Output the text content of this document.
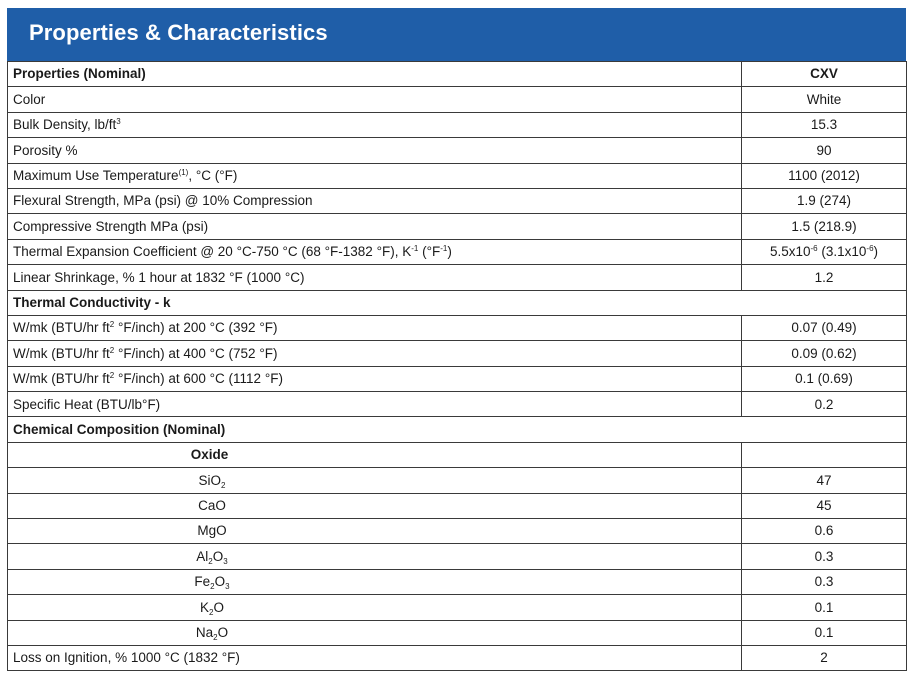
Properties & Characteristics
Properties (Nominal)	CXV
Color	White
Bulk Density, $lb/ft^3$	15.3
Porosity %	90
Maximum Use Temperature$^{(1)}$, °C (°F)	1100 (2012)
Flexural Strength, MPa (psi) @ 10% Compression	1.9 (274)
Compressive Strength MPa (psi)	1.5 (218.9)
Thermal Expansion Coefficient @ 20 °C-750 °C (68 °F-1382 °F), $K^{-1}$ $(^\circ F^{-1})$	$5.5x10^{-6}$ $(3.1x10^{-6})$
Linear Shrinkage, % 1 hour at 1832 °F (1000 °C)	1.2
Thermal Conductivity - k	
W/mk (BTU/hr $ft^2$ °F/inch) at 200 °C (392 °F)	0.07 (0.49)
W/mk (BTU/hr $ft^2$ °F/inch) at 400 °C (752 °F)	0.09 (0.62)
W/mk (BTU/hr $ft^2$ °F/inch) at 600 °C (1112 °F)	0.1 (0.69)
Specific Heat (BTU/lb°F)	0.2
Chemical Composition (Nominal)	
Oxide	
SiO$_2$	47
CaO	45
MgO	0.6
$Al_2O_3$	0.3
$Fe_2O_3$	0.3
$K_2O$	0.1
$Na_2O$	0.1
Loss on Ignition, % 1000 °C (1832 °F)	2
